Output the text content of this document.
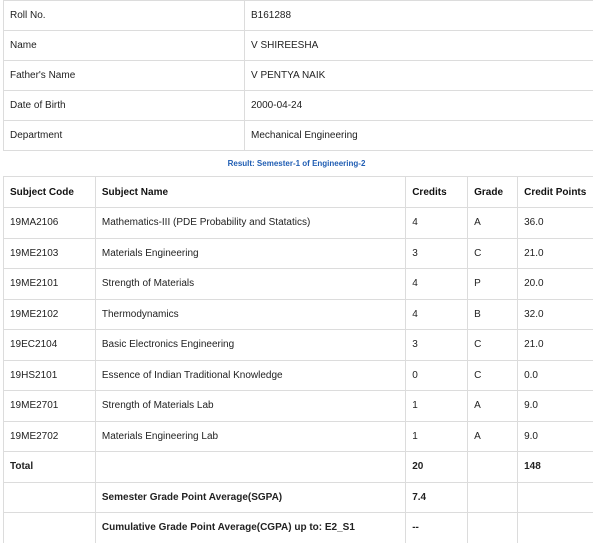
Roll No.	B161288
Name	V SHIREESHA
Father's Name	V PENTYA NAIK
Date of Birth	2000-04-24
Department	Mechanical Engineering
Result: Semester-1 of Engineering-2
Subject Code	Subject Name	Credits	Grade	Credit Points
19MA2106	Mathematics-III (PDE Probability and Statatics)	4	A	36.0
19ME2103	Materials Engineering	3	C	21.0
19ME2101	Strength of Materials	4	P	20.0
19ME2102	Thermodynamics	4	B	32.0
19EC2104	Basic Electronics Engineering	3	C	21.0
19HS2101	Essence of Indian Traditional Knowledge	0	C	0.0
19ME2701	Strength of Materials Lab	1	A	9.0
19ME2702	Materials Engineering Lab	1	A	9.0
Total		20		148
	Semester Grade Point Average(SGPA)	7.4		
	Cumulative Grade Point Average(CGPA) up to: E2_S1	--		
